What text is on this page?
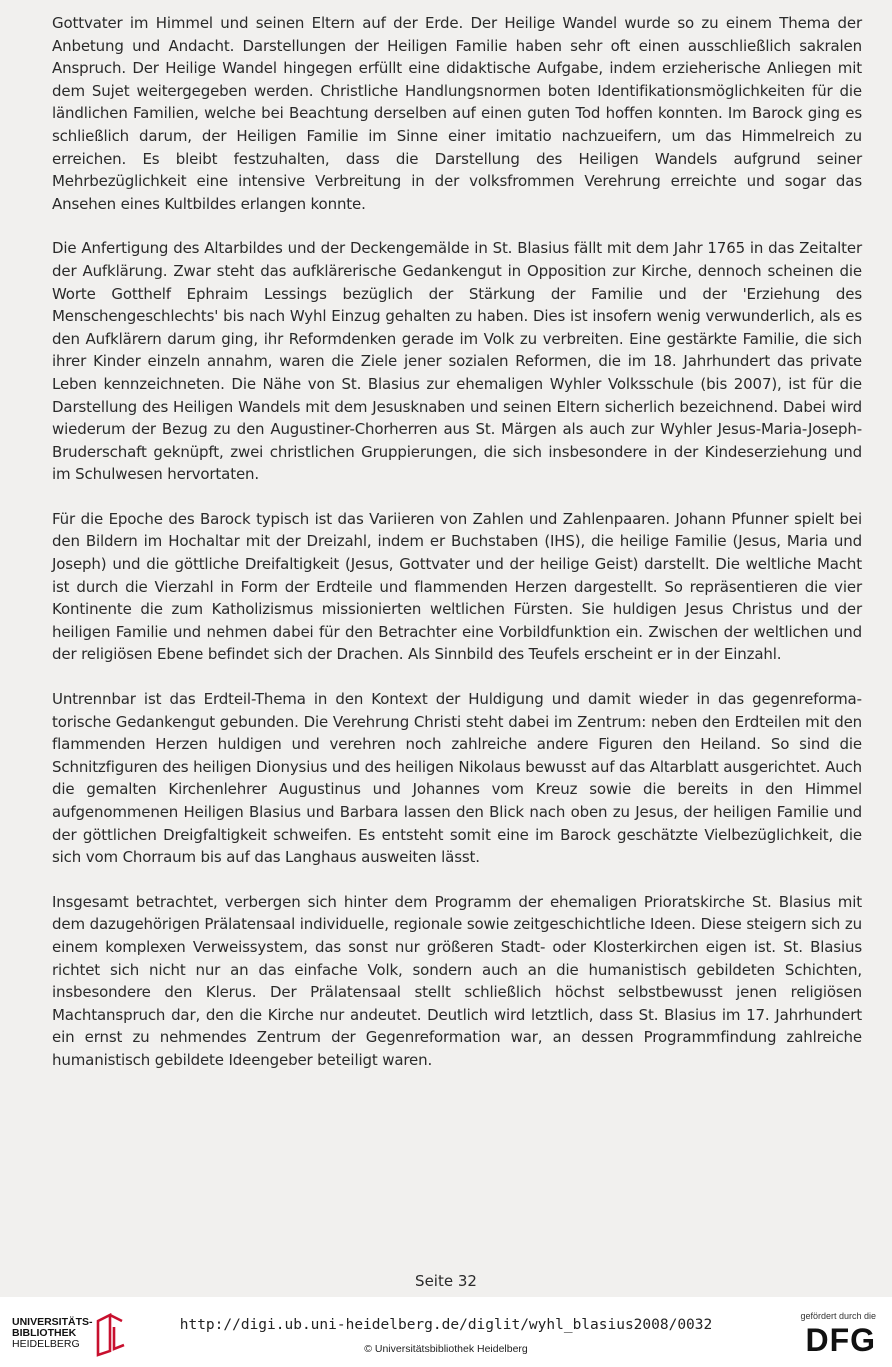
Gottvater im Himmel und seinen Eltern auf der Erde. Der Heilige Wandel wurde so zu einem Thema der Anbetung und Andacht. Darstellungen der Heiligen Familie haben sehr oft einen ausschließlich sakralen Anspruch. Der Heilige Wandel hingegen erfüllt eine didaktische Aufgabe, indem erzieherische Anliegen mit dem Sujet weitergegeben werden. Christliche Handlungsnormen boten Identifikationsmöglichkeiten für die ländlichen Familien, welche bei Beachtung derselben auf einen guten Tod hoffen konnten. Im Barock ging es schließlich darum, der Heiligen Familie im Sinne einer imitatio nachzueifern, um das Himmelreich zu erreichen. Es bleibt festzuhalten, dass die Darstellung des Heiligen Wandels aufgrund seiner Mehrbezüglichkeit eine intensive Verbreitung in der volksfrommen Verehrung erreichte und sogar das Ansehen eines Kultbildes erlangen konnte.

Die Anfertigung des Altarbildes und der Deckengemälde in St. Blasius fällt mit dem Jahr 1765 in das Zeitalter der Aufklärung. Zwar steht das aufklärerische Gedankengut in Opposition zur Kirche, dennoch scheinen die Worte Gotthelf Ephraim Lessings bezüglich der Stärkung der Familie und der 'Erziehung des Menschengeschlechts' bis nach Wyhl Einzug gehalten zu haben. Dies ist insofern wenig verwunderlich, als es den Aufklärern darum ging, ihr Reformdenken gerade im Volk zu verbreiten. Eine gestärkte Familie, die sich ihrer Kinder einzeln annahm, waren die Ziele jener sozialen Reformen, die im 18. Jahrhundert das private Leben kennzeichneten. Die Nähe von St. Blasius zur ehemaligen Wyhler Volksschule (bis 2007), ist für die Darstellung des Heiligen Wandels mit dem Jesusknaben und seinen Eltern sicherlich bezeichnend. Dabei wird wiederum der Bezug zu den Augustiner-Chorherren aus St. Märgen als auch zur Wyhler Jesus-Maria-Joseph-Bruderschaft geknüpft, zwei christlichen Gruppierungen, die sich insbesondere in der Kindeserziehung und im Schulwesen hervortaten.

Für die Epoche des Barock typisch ist das Variieren von Zahlen und Zahlenpaaren. Johann Pfunner spielt bei den Bildern im Hochaltar mit der Dreizahl, indem er Buchstaben (IHS), die heilige Familie (Jesus, Maria und Joseph) und die göttliche Dreifaltigkeit (Jesus, Gottvater und der heilige Geist) darstellt. Die weltliche Macht ist durch die Vierzahl in Form der Erdteile und flammenden Herzen dargestellt. So repräsentieren die vier Kontinente die zum Katholizismus missionierten weltlichen Fürsten. Sie huldigen Jesus Christus und der heiligen Familie und nehmen dabei für den Betrachter eine Vorbildfunktion ein. Zwischen der weltlichen und der religiösen Ebene befindet sich der Drachen. Als Sinnbild des Teufels erscheint er in der Einzahl.

Untrennbar ist das Erdteil-Thema in den Kontext der Huldigung und damit wieder in das gegenreformatorische Gedankengut gebunden. Die Verehrung Christi steht dabei im Zentrum: neben den Erdteilen mit den flammenden Herzen huldigen und verehren noch zahlreiche andere Figuren den Heiland. So sind die Schnitzfiguren des heiligen Dionysius und des heiligen Nikolaus bewusst auf das Altarblatt ausgerichtet. Auch die gemalten Kirchenlehrer Augustinus und Johannes vom Kreuz sowie die bereits in den Himmel aufgenommenen Heiligen Blasius und Barbara lassen den Blick nach oben zu Jesus, der heiligen Familie und der göttlichen Dreigfaltigkeit schweifen. Es entsteht somit eine im Barock geschätzte Vielbezüglichkeit, die sich vom Chorraum bis auf das Langhaus ausweiten lässt.

Insgesamt betrachtet, verbergen sich hinter dem Programm der ehemaligen Prioratskirche St. Blasius mit dem dazugehörigen Prälatensaal individuelle, regionale sowie zeitgeschichtliche Ideen. Diese steigern sich zu einem komplexen Verweissystem, das sonst nur größeren Stadt- oder Klosterkirchen eigen ist. St. Blasius richtet sich nicht nur an das einfache Volk, sondern auch an die humanistisch gebildeten Schichten, insbesondere den Klerus. Der Prälatensaal stellt schließlich höchst selbstbewusst jenen religiösen Machtanspruch dar, den die Kirche nur andeutet. Deutlich wird letztlich, dass St. Blasius im 17. Jahrhundert ein ernst zu nehmendes Zentrum der Gegenreformation war, an dessen Programmfindung zahlreiche humanistisch gebildete Ideengeber beteiligt waren.

Seite 32
UNIVERSITÄTS-
BIBLIOTHEK
HEIDELBERG
http://digi.ub.uni-heidelberg.de/diglit/wyhl_blasius2008/0032
© Universitätsbibliothek Heidelberg
gefördert durch die
DFG
